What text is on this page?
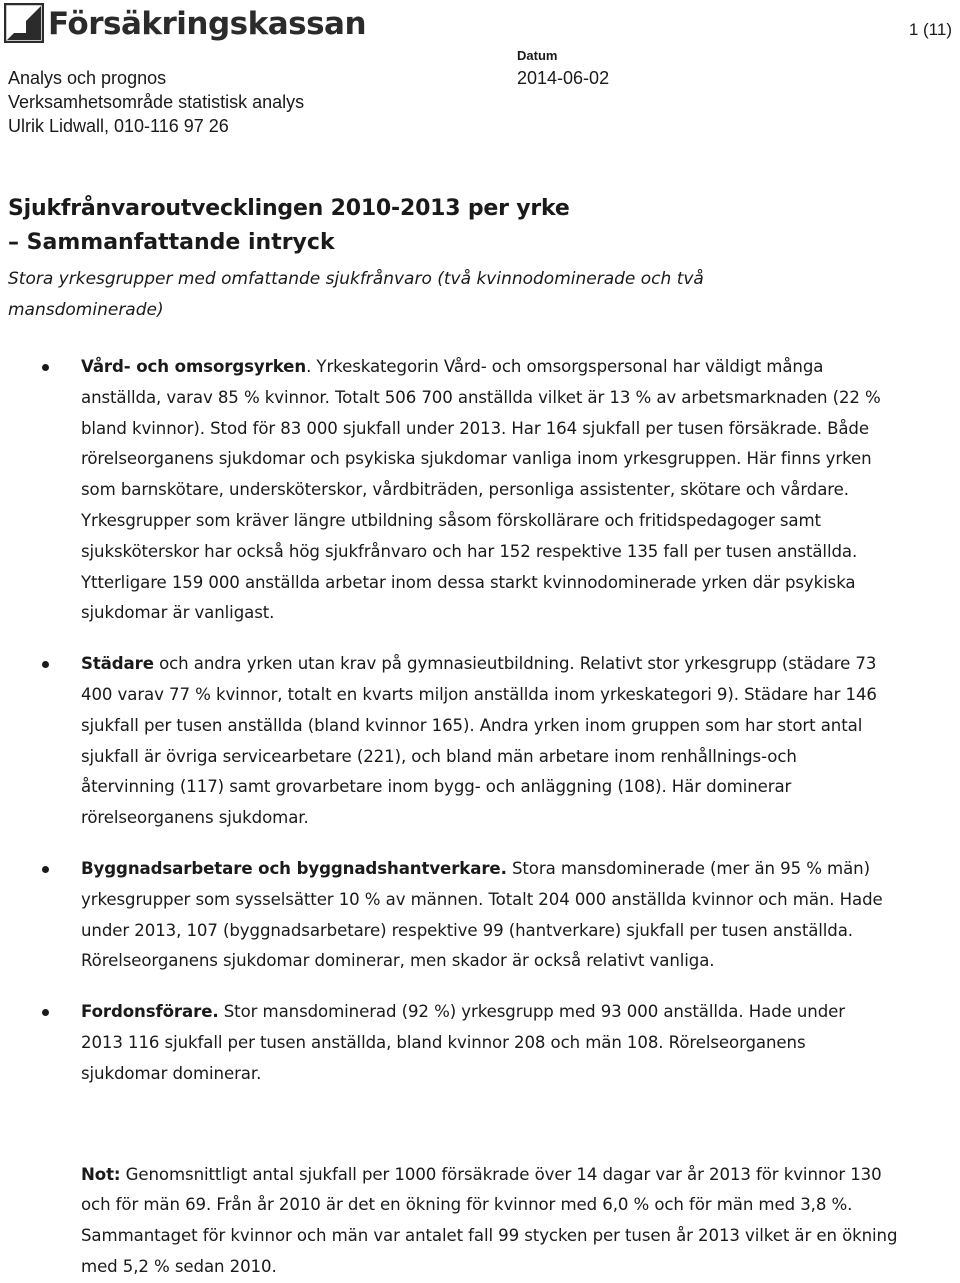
Försäkringskassan	1 (11)
Analys och prognos
Verksamhetsområde statistisk analys
Ulrik Lidwall, 010-116 97 26
Datum
2014-06-02
Sjukfrånvaroutvecklingen 2010-2013 per yrke
– Sammanfattande intryck

Stora yrkesgrupper med omfattande sjukfrånvaro (två kvinnodominerade och två mansdominerade)

Vård- och omsorgsyrken. Yrkeskategorin Vård- och omsorgspersonal har väldigt många anställda, varav 85 % kvinnor. Totalt 506 700 anställda vilket är 13 % av arbetsmarknaden (22 % bland kvinnor). Stod för 83 000 sjukfall under 2013. Har 164 sjukfall per tusen försäkrade. Både rörelseorganens sjukdomar och psykiska sjukdomar vanliga inom yrkesgruppen. Här finns yrken som barnskötare, undersköterskor, vårdbiträden, personliga assistenter, skötare och vårdare. Yrkesgrupper som kräver längre utbildning såsom förskollärare och fritidspedagoger samt sjuksköterskor har också hög sjukfrånvaro och har 152 respektive 135 fall per tusen anställda. Ytterligare 159 000 anställda arbetar inom dessa starkt kvinnodominerade yrken där psykiska sjukdomar är vanligast.
Städare och andra yrken utan krav på gymnasieutbildning. Relativt stor yrkesgrupp (städare 73 400 varav 77 % kvinnor, totalt en kvarts miljon anställda inom yrkeskategori 9). Städare har 146 sjukfall per tusen anställda (bland kvinnor 165). Andra yrken inom gruppen som har stort antal sjukfall är övriga servicearbetare (221), och bland män arbetare inom renhållnings-och återvinning (117) samt grovarbetare inom bygg- och anläggning (108). Här dominerar rörelseorganens sjukdomar.
Byggnadsarbetare och byggnadshantverkare. Stora mansdominerade (mer än 95 % män) yrkesgrupper som sysselsätter 10 % av männen. Totalt 204 000 anställda kvinnor och män. Hade under 2013, 107 (byggnadsarbetare) respektive 99 (hantverkare) sjukfall per tusen anställda. Rörelseorganens sjukdomar dominerar, men skador är också relativt vanliga.
Fordonsförare. Stor mansdominerad (92 %) yrkesgrupp med 93 000 anställda. Hade under 2013 116 sjukfall per tusen anställda, bland kvinnor 208 och män 108. Rörelseorganens sjukdomar dominerar.

Not: Genomsnittligt antal sjukfall per 1000 försäkrade över 14 dagar var år 2013 för kvinnor 130 och för män 69. Från år 2010 är det en ökning för kvinnor med 6,0 % och för män med 3,8 %. Sammantaget för kvinnor och män var antalet fall 99 stycken per tusen år 2013 vilket är en ökning med 5,2 % sedan 2010.
